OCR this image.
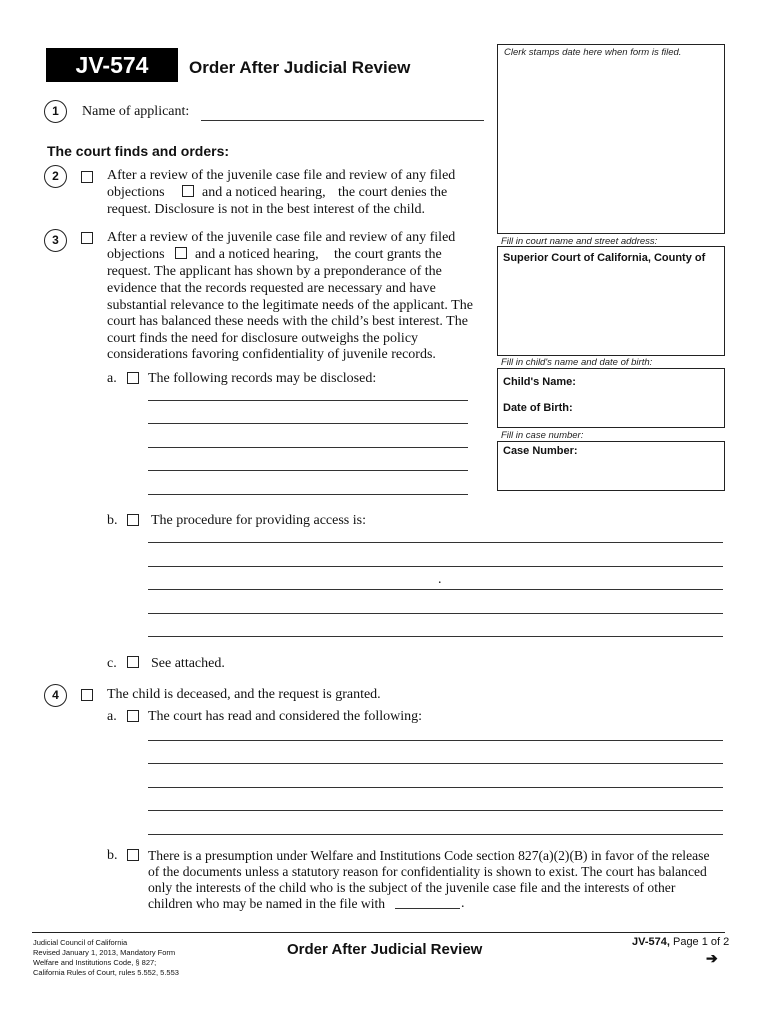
JV-574	Order After Judicial Review
Clerk stamps date here when form is filed.
Fill in court name and street address:
Superior Court of California, County of
Fill in child's name and date of birth:
Child's Name:
Date of Birth:
Fill in case number:
Case Number:
1	Name of applicant:
The court finds and orders:
2	After a review of the juvenile case file and review of any filed
objections	and a noticed hearing, the court denies the
request. Disclosure is not in the best interest of the child.
3	After a review of the juvenile case file and review of any filed
objections and a noticed hearing, the court grants the
request. The applicant has shown by a preponderance of the
evidence that the records requested are necessary and have
substantial relevance to the legitimate needs of the applicant. The
court has balanced these needs with the child’s best interest. The
court finds the need for disclosure outweighs the policy
considerations favoring confidentiality of juvenile records.
a. The following records may be disclosed:
b. The procedure for providing access is:
.
c. See attached.
4	The child is deceased, and the request is granted.
a. The court has read and considered the following:
b. There is a presumption under Welfare and Institutions Code section 827(a)(2)(B) in favor of the release
of the documents unless a statutory reason for confidentiality is shown to exist. The court has balanced
only the interests of the child who is the subject of the juvenile case file and the interests of other
children who may be named in the file with	.
Judicial Council of California
Revised January 1, 2013, Mandatory Form
Welfare and Institutions Code, § 827;
California Rules of Court, rules 5.552, 5.553
Order After Judicial Review	JV-574, Page 1 of 2
➔
